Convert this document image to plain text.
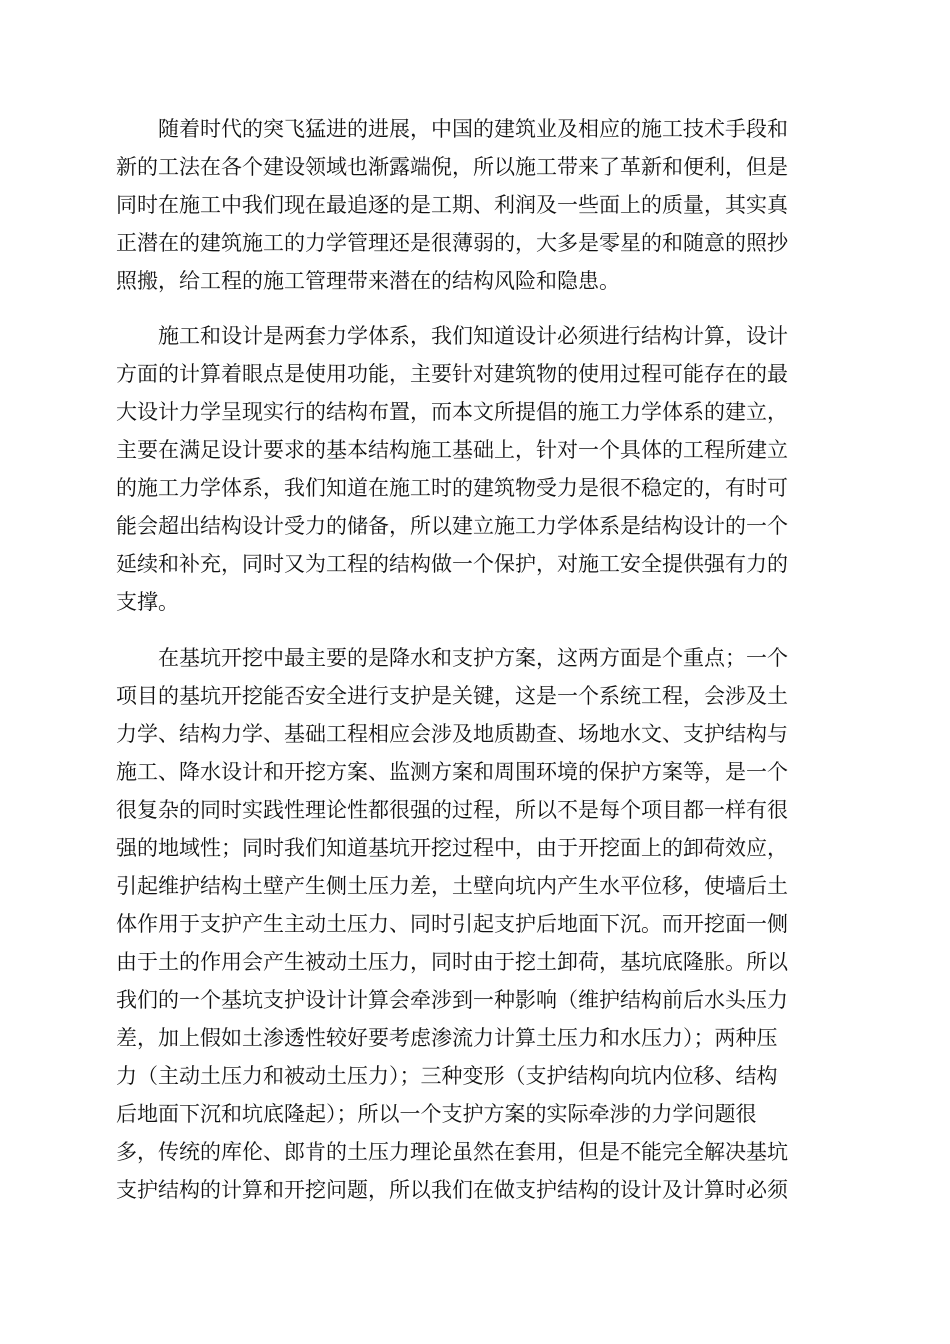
随着时代的突飞猛进的进展，中国的建筑业及相应的施工技术手段和

新的工法在各个建设领域也渐露端倪，所以施工带来了革新和便利，但是

同时在施工中我们现在最追逐的是工期、利润及一些面上的质量，其实真

正潜在的建筑施工的力学管理还是很薄弱的，大多是零星的和随意的照抄

照搬，给工程的施工管理带来潜在的结构风险和隐患。

施工和设计是两套力学体系，我们知道设计必须进行结构计算，设计

方面的计算着眼点是使用功能，主要针对建筑物的使用过程可能存在的最

大设计力学呈现实行的结构布置，而本文所提倡的施工力学体系的建立，

主要在满足设计要求的基本结构施工基础上，针对一个具体的工程所建立

的施工力学体系，我们知道在施工时的建筑物受力是很不稳定的，有时可

能会超出结构设计受力的储备，所以建立施工力学体系是结构设计的一个

延续和补充，同时又为工程的结构做一个保护，对施工安全提供强有力的

支撑。

在基坑开挖中最主要的是降水和支护方案，这两方面是个重点；一个

项目的基坑开挖能否安全进行支护是关键，这是一个系统工程，会涉及土

力学、结构力学、基础工程相应会涉及地质勘查、场地水文、支护结构与

施工、降水设计和开挖方案、监测方案和周围环境的保护方案等，是一个

很复杂的同时实践性理论性都很强的过程，所以不是每个项目都一样有很

强的地域性；同时我们知道基坑开挖过程中，由于开挖面上的卸荷效应，

引起维护结构土壁产生侧土压力差，土壁向坑内产生水平位移，使墙后土

体作用于支护产生主动土压力、同时引起支护后地面下沉。而开挖面一侧

由于土的作用会产生被动土压力，同时由于挖土卸荷，基坑底隆胀。所以

我们的一个基坑支护设计计算会牵涉到一种影响（维护结构前后水头压力

差，加上假如土渗透性较好要考虑渗流力计算土压力和水压力）；两种压

力（主动土压力和被动土压力）；三种变形（支护结构向坑内位移、结构

后地面下沉和坑底隆起）；所以一个支护方案的实际牵涉的力学问题很

多，传统的库伦、郎肯的土压力理论虽然在套用，但是不能完全解决基坑

支护结构的计算和开挖问题，所以我们在做支护结构的设计及计算时必须
